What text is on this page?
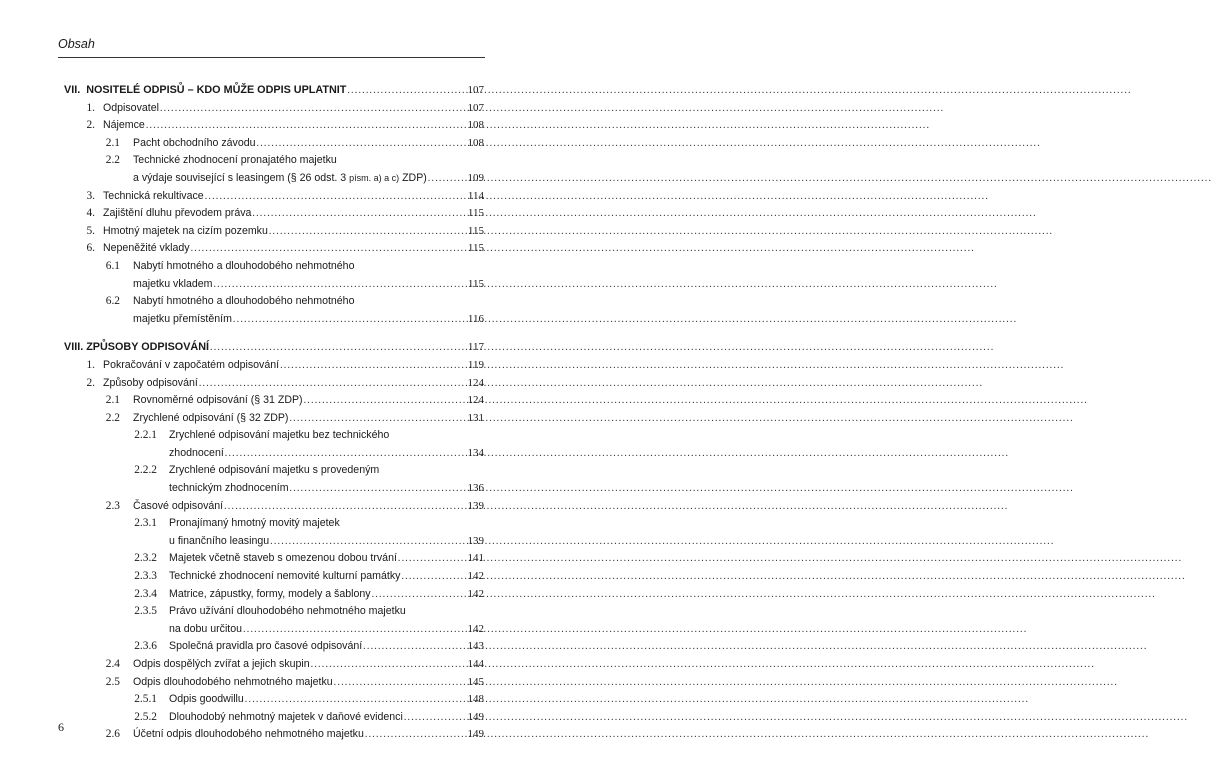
Obsah
VII. NOSITELÉ ODPISŮ – KDO MŮŽE ODPIS UPLATNIT .....	107
1. Odpisovatel .....	107
2. Nájemce .....	108
2.1 Pacht obchodního závodu .....	108
2.2 Technické zhodnocení pronajatého majetku
a výdaje související s leasingem (§ 26 odst. 3 písm. a) a c) ZDP) .....	109
3. Technická rekultivace .....	114
4. Zajištění dluhu převodem práva .....	115
5. Hmotný majetek na cizím pozemku .....	115
6. Nepeněžité vklady .....	115
6.1 Nabytí hmotného a dlouhodobého nehmotného
majetku vkladem .....	115
6.2 Nabytí hmotného a dlouhodobého nehmotného
majetku přemístěním .....	116
VIII. ZPŮSOBY ODPISOVÁNÍ .....	117
1. Pokračování v započatém odpisování .....	119
2. Způsoby odpisování .....	124
2.1 Rovnoměrné odpisování (§ 31 ZDP) .....	124
2.2 Zrychlené odpisování (§ 32 ZDP) .....	131
2.2.1 Zrychlené odpisování majetku bez technického
zhodnocení .....	134
2.2.2 Zrychlené odpisování majetku s provedeným
technickým zhodnocením .....	136
2.3 Časové odpisování .....	139
2.3.1 Pronajímaný hmotný movitý majetek
u finančního leasingu .....	139
2.3.2 Majetek včetně staveb s omezenou dobou trvání .....	141
2.3.3 Technické zhodnocení nemovité kulturní památky .....	142
2.3.4 Matrice, zápustky, formy, modely a šablony .....	142
2.3.5 Právo užívání dlouhodobého nehmotného majetku
na dobu určitou .....	142
2.3.6 Společná pravidla pro časové odpisování .....	143
2.4 Odpis dospělých zvířat a jejich skupin .....	144
2.5 Odpis dlouhodobého nehmotného majetku .....	145
2.5.1 Odpis goodwillu .....	148
2.5.2 Dlouhodobý nehmotný majetek v daňové evidenci .....	149
2.6 Účetní odpis dlouhodobého nehmotného majetku .....	149
6
